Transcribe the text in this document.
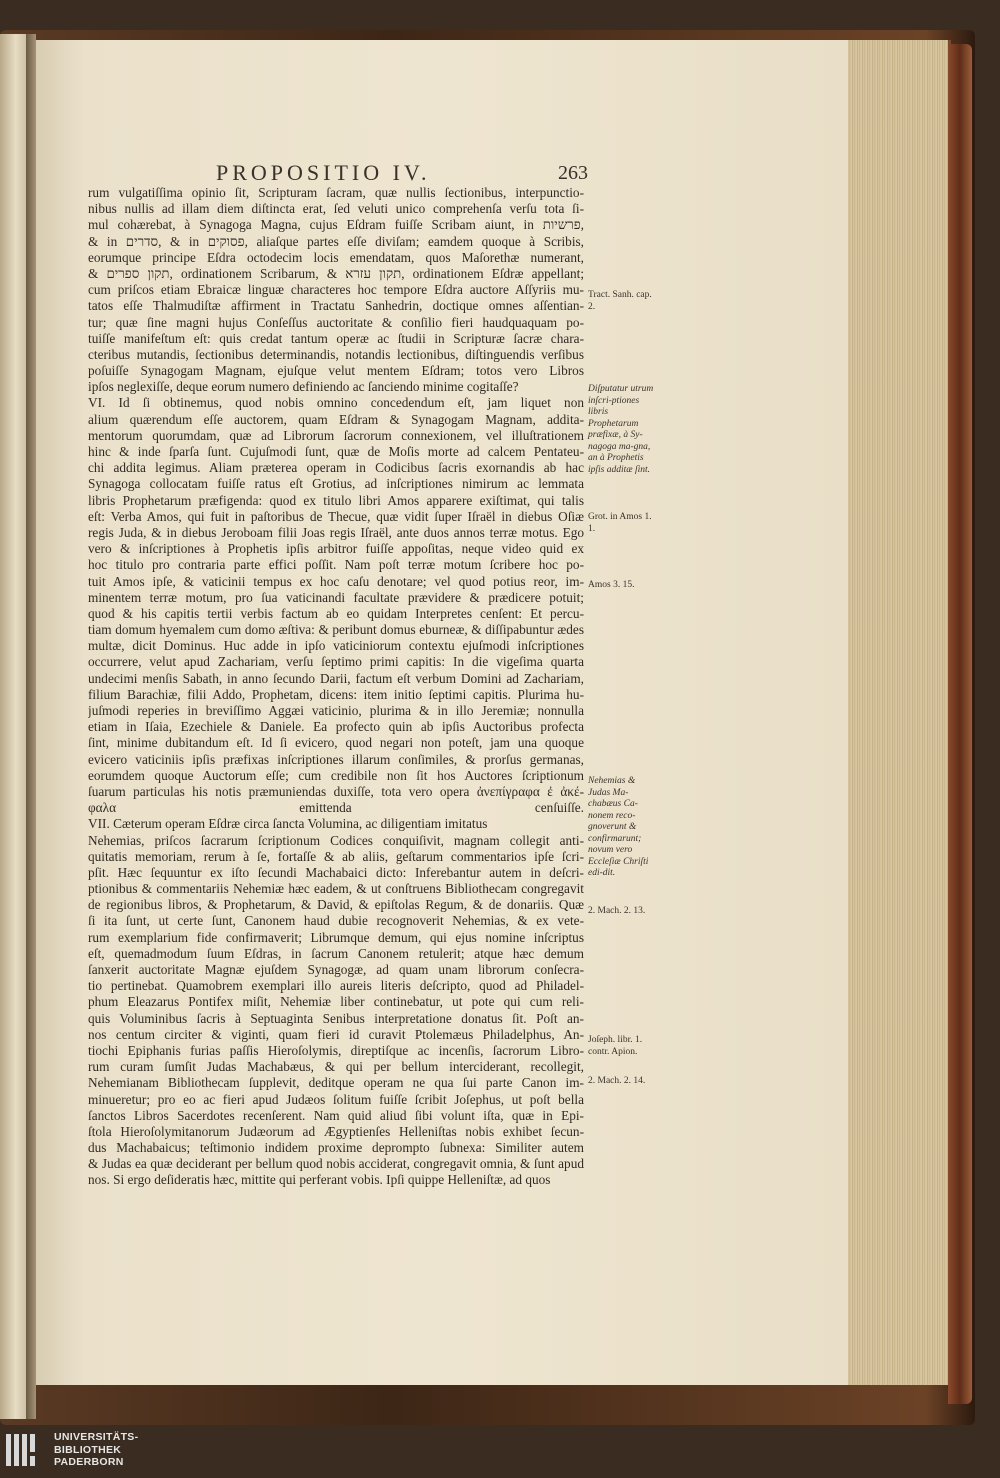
PROPOSITIO IV.	263
rum vulgatiſſima opinio ſit, Scripturam ſacram, quæ nullis ſectionibus, interpunctio-
nibus nullis ad illam diem diſtincta erat, ſed veluti unico comprehenſa verſu tota ſi-
mul cohærebat, à Synagoga Magna, cujus Eſdram fuiſſe Scribam aiunt, in פרשיות,
& in סדרים, & in פסוקים, aliaſque partes eſſe diviſam; eamdem quoque à Scribis,
eorumque principe Eſdra octodecim locis emendatam, quos Maſorethæ numerant,
& תקון ספרים, ordinationem Scribarum, & תקון עזרא, ordinationem Eſdræ appellant;
cum priſcos etiam Ebraicæ linguæ characteres hoc tempore Eſdra auctore Aſſyriis mu-
tatos eſſe Thalmudiſtæ affirment in Tractatu Sanhedrin, doctique omnes aſſentian-
tur; quæ ſine magni hujus Conſeſſus auctoritate & conſilio fieri haudquaquam po-
tuiſſe manifeſtum eſt: quis credat tantum operæ ac ſtudii in Scripturæ ſacræ chara-
cteribus mutandis, ſectionibus determinandis, notandis lectionibus, diſtinguendis verſibus
poſuiſſe Synagogam Magnam, ejuſque velut mentem Eſdram; totos vero Libros
ipſos neglexiſſe, deque eorum numero definiendo ac ſanciendo minime cogitaſſe?
VI. Id ſi obtinemus, quod nobis omnino concedendum eſt, jam liquet non
alium quærendum eſſe auctorem, quam Eſdram & Synagogam Magnam, addita-
mentorum quorumdam, quæ ad Librorum ſacrorum connexionem, vel illuſtrationem
hinc & inde ſparſa ſunt. Cujuſmodi ſunt, quæ de Moſis morte ad calcem Pentateu-
chi addita legimus. Aliam præterea operam in Codicibus ſacris exornandis ab hac
Synagoga collocatam fuiſſe ratus eſt Grotius, ad inſcriptiones nimirum ac lemmata
libris Prophetarum præfigenda: quod ex titulo libri Amos apparere exiſtimat, qui talis
eſt: Verba Amos, qui fuit in paſtoribus de Thecue, quæ vidit ſuper Iſraël in diebus Oſiæ
regis Juda, & in diebus Jeroboam filii Joas regis Iſraël, ante duos annos terræ motus. Ego
vero & inſcriptiones à Prophetis ipſis arbitror fuiſſe appoſitas, neque video quid ex
hoc titulo pro contraria parte effici poſſit. Nam poſt terræ motum ſcribere hoc po-
tuit Amos ipſe, & vaticinii tempus ex hoc caſu denotare; vel quod potius reor, im-
minentem terræ motum, pro ſua vaticinandi facultate prævidere & prædicere potuit;
quod & his capitis tertii verbis factum ab eo quidam Interpretes cenſent: Et percu-
tiam domum hyemalem cum domo æſtiva: & peribunt domus eburneæ, & diſſipabuntur ædes
multæ, dicit Dominus. Huc adde in ipſo vaticiniorum contextu ejuſmodi inſcriptiones
occurrere, velut apud Zachariam, verſu ſeptimo primi capitis: In die vigeſima quarta
undecimi menſis Sabath, in anno ſecundo Darii, factum eſt verbum Domini ad Zachariam,
filium Barachiæ, filii Addo, Prophetam, dicens: item initio ſeptimi capitis. Plurima hu-
juſmodi reperies in breviſſimo Aggæi vaticinio, plurima & in illo Jeremiæ; nonnulla
etiam in Iſaia, Ezechiele & Daniele. Ea profecto quin ab ipſis Auctoribus profecta
ſint, minime dubitandum eſt. Id ſi evicero, quod negari non poteſt, jam una quoque
evicero vaticiniis ipſis præfixas inſcriptiones illarum conſimiles, & prorſus germanas,
eorumdem quoque Auctorum eſſe; cum credibile non ſit hos Auctores ſcriptionum
ſuarum particulas his notis præmuniendas duxiſſe, tota vero opera ἀνεπίγραφα ἐ ἀκέ-
φαλα emittenda cenſuiſſe.
VII. Cæterum operam Eſdræ circa ſancta Volumina, ac diligentiam imitatus
Nehemias, priſcos ſacrarum ſcriptionum Codices conquiſivit, magnam collegit anti-
quitatis memoriam, rerum à ſe, fortaſſe & ab aliis, geſtarum commentarios ipſe ſcri-
pſit. Hæc ſequuntur ex iſto ſecundi Machabaici dicto: Inferebantur autem in deſcri-
ptionibus & commentariis Nehemiæ hæc eadem, & ut conſtruens Bibliothecam congregavit
de regionibus libros, & Prophetarum, & David, & epiſtolas Regum, & de donariis. Quæ
ſi ita ſunt, ut certe ſunt, Canonem haud dubie recognoverit Nehemias, & ex vete-
rum exemplarium fide confirmaverit; Librumque demum, qui ejus nomine inſcriptus
eſt, quemadmodum ſuum Eſdras, in ſacrum Canonem retulerit; atque hæc demum
ſanxerit auctoritate Magnæ ejuſdem Synagogæ, ad quam unam librorum conſecra-
tio pertinebat. Quamobrem exemplari illo aureis literis deſcripto, quod ad Philadel-
phum Eleazarus Pontifex miſit, Nehemiæ liber continebatur, ut pote qui cum reli-
quis Voluminibus ſacris à Septuaginta Senibus interpretatione donatus ſit. Poſt an-
nos centum circiter & viginti, quam fieri id curavit Ptolemæus Philadelphus, An-
tiochi Epiphanis furias paſſis Hieroſolymis, direptiſque ac incenſis, ſacrorum Libro-
rum curam ſumſit Judas Machabæus, & qui per bellum interciderant, recollegit,
Nehemianam Bibliothecam ſupplevit, deditque operam ne qua ſui parte Canon im-
minueretur; pro eo ac fieri apud Judæos ſolitum fuiſſe ſcribit Joſephus, ut poſt bella
ſanctos Libros Sacerdotes recenſerent. Nam quid aliud ſibi volunt iſta, quæ in Epi-
ſtola Hieroſolymitanorum Judæorum ad Ægyptienſes Helleniſtas nobis exhibet ſecun-
dus Machabaicus; teſtimonio indidem proxime deprompto ſubnexa: Similiter autem
& Judas ea quæ deciderant per bellum quod nobis acciderat, congregavit omnia, & ſunt apud
nos. Si ergo deſideratis hæc, mittite qui perferant vobis. Ipſi quippe Helleniſtæ, ad quos
Tract. Sanh. cap. 2.
Diſputatur utrum inſcri-ptiones libris Prophetarum præfixæ, à Sy-nagoga ma-gna, an à Prophetis ipſis additæ ſint.
Grot. in Amos 1. 1.
Amos 3. 15.
Nehemias & Judas Ma-chabæus Ca-nonem reco-gnoverunt & confirmarunt; novum vero Eccleſiæ Chriſti edi-dit.
2. Mach. 2. 13.
Joſeph. libr. 1. contr. Apion.
2. Mach. 2. 14.
UNIVERSITÄTS-
BIBLIOTHEK
PADERBORN
